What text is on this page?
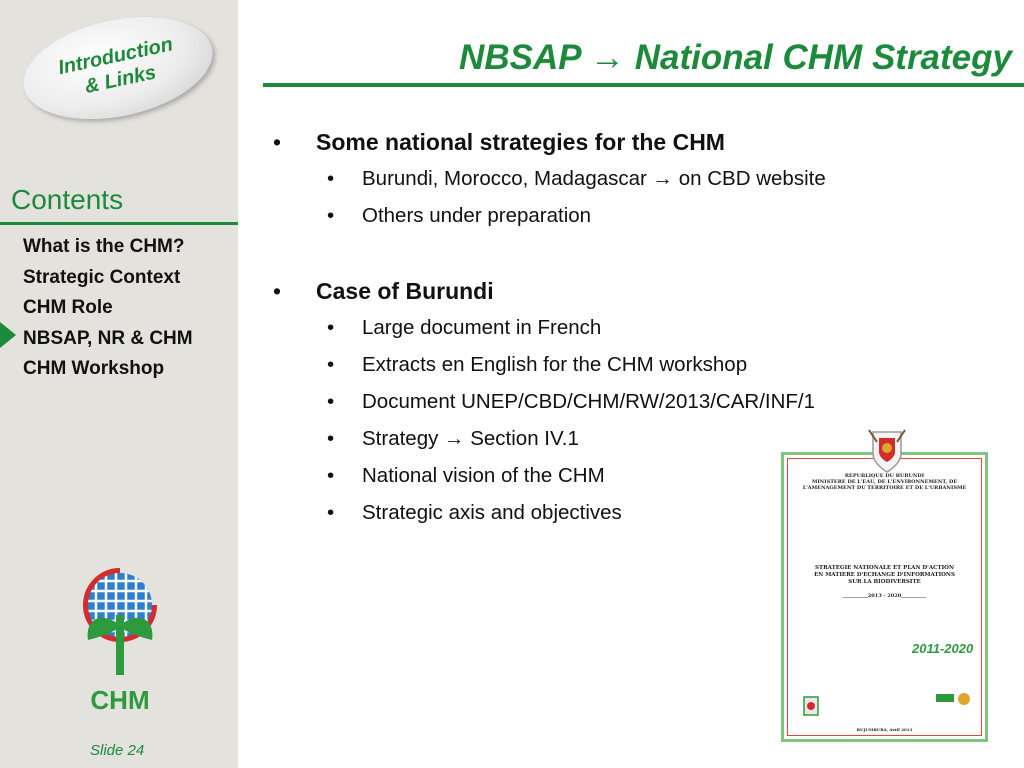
Introduction
& Links
Contents
What is the CHM?
Strategic Context
CHM Role
NBSAP, NR & CHM
CHM Workshop
CHM
Slide 24
NBSAP → National CHM Strategy
• Some national strategies for the CHM
• Burundi, Morocco, Madagascar → on CBD website
• Others under preparation
• Case of Burundi
• Large document in French
• Extracts en English for the CHM workshop
• Document UNEP/CBD/CHM/RW/2013/CAR/INF/1
• Strategy → Section IV.1
• National vision of the CHM
• Strategic axis and objectives
REPUBLIQUE DU BURUNDI
MINISTERE DE L'EAU, DE L'ENVIRONNEMENT, DE
L'AMENAGEMENT DU TERRITOIRE ET DE L'URBANISME
STRATEGIE NATIONALE ET PLAN D'ACTION
EN MATIERE D'ECHANGE D'INFORMATIONS
SUR LA BIODIVERSITE
__________2013 - 2020__________
2011-2020
BUJUMBURA, Avril 2013
